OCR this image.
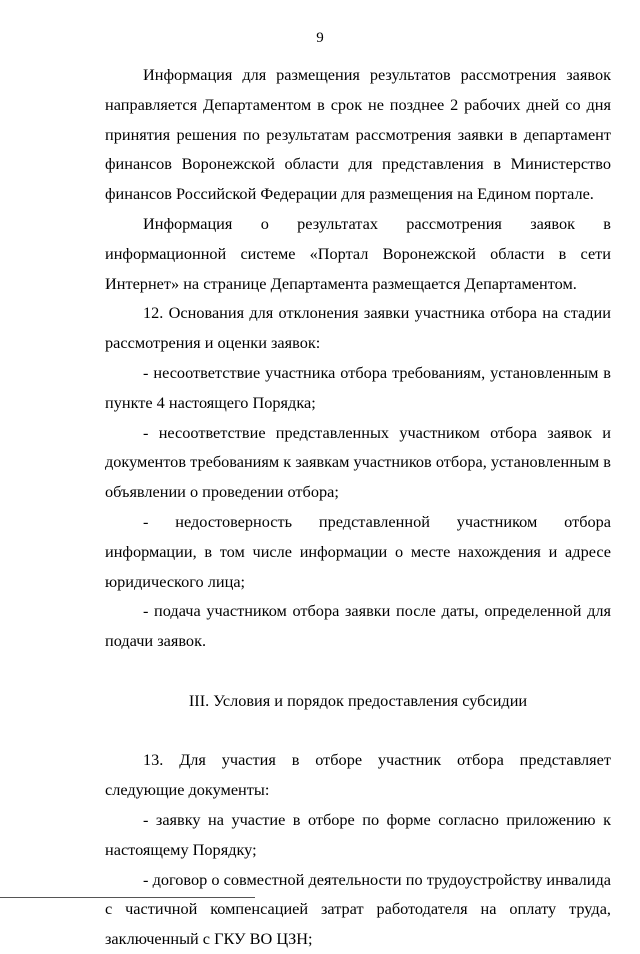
9

Информация для размещения результатов рассмотрения заявок направляется Департаментом в срок не позднее 2 рабочих дней со дня принятия решения по результатам рассмотрения заявки в департамент финансов Воронежской области для представления в Министерство финансов Российской Федерации для размещения на Едином портале.

Информация о результатах рассмотрения заявок в информационной системе «Портал Воронежской области в сети Интернет» на странице Департамента размещается Департаментом.

12. Основания для отклонения заявки участника отбора на стадии рассмотрения и оценки заявок:

- несоответствие участника отбора требованиям, установленным в пункте 4 настоящего Порядка;

- несоответствие представленных участником отбора заявок и документов требованиям к заявкам участников отбора, установленным в объявлении о проведении отбора;

- недостоверность представленной участником отбора информации, в том числе информации о месте нахождения и адресе юридического лица;

- подача участником отбора заявки после даты, определенной для подачи заявок.

III. Условия и порядок предоставления субсидии

13. Для участия в отборе участник отбора представляет следующие документы:

- заявку на участие в отборе по форме согласно приложению к настоящему Порядку;

- договор о совместной деятельности по трудоустройству инвалида с частичной компенсацией затрат работодателя на оплату труда, заключенный с ГКУ ВО ЦЗН;
